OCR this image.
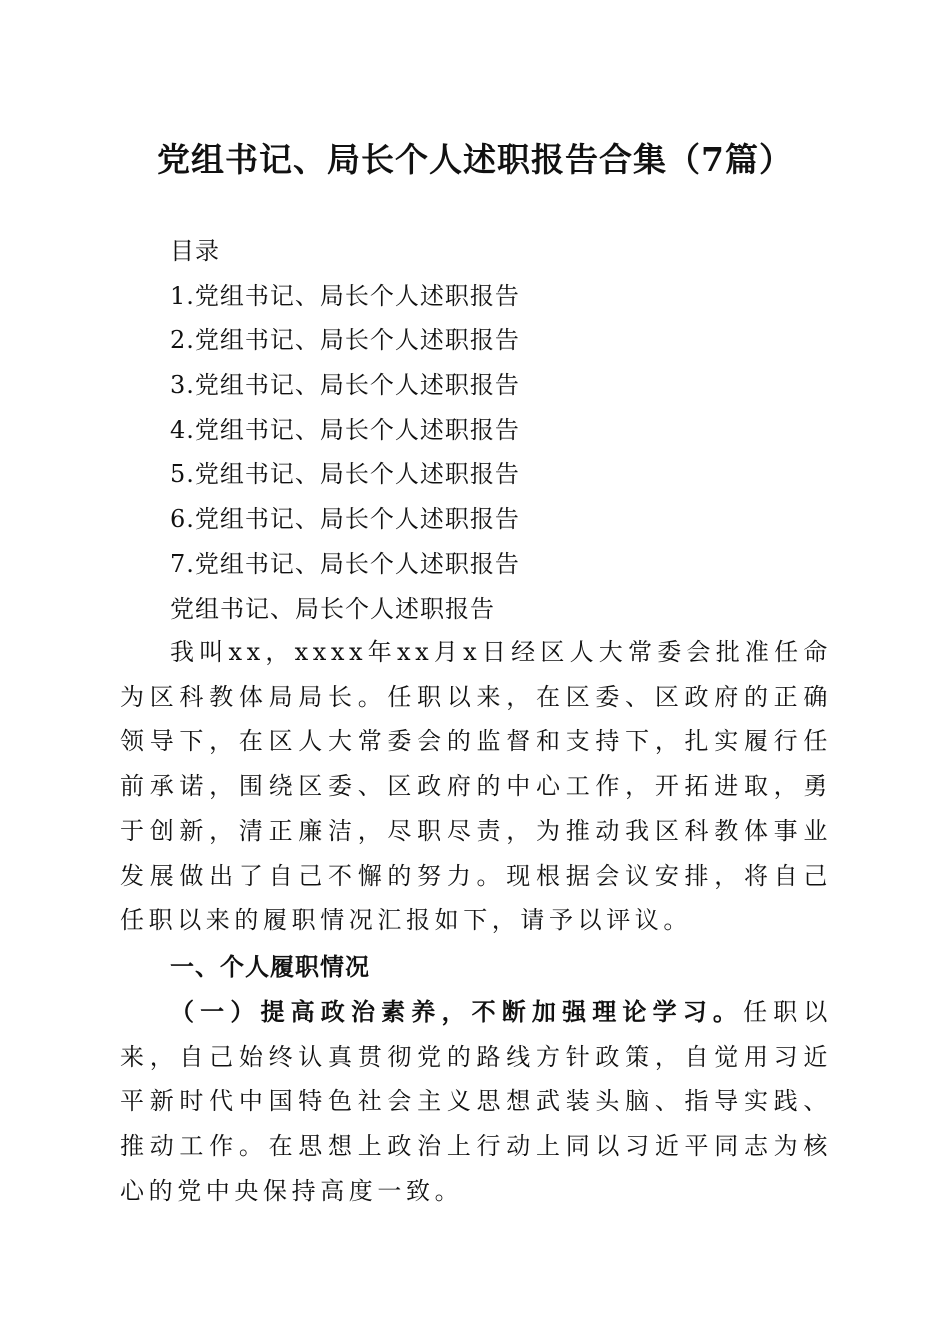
党组书记、局长个人述职报告合集（7篇）
目录
1.党组书记、局长个人述职报告
2.党组书记、局长个人述职报告
3.党组书记、局长个人述职报告
4.党组书记、局长个人述职报告
5.党组书记、局长个人述职报告
6.党组书记、局长个人述职报告
7.党组书记、局长个人述职报告
党组书记、局长个人述职报告

我叫xx，xxxx年xx月x日经区人大常委会批准任命为区科教体局局长。任职以来，在区委、区政府的正确领导下，在区人大常委会的监督和支持下，扎实履行任前承诺，围绕区委、区政府的中心工作，开拓进取，勇于创新，清正廉洁，尽职尽责，为推动我区科教体事业发展做出了自己不懈的努力。现根据会议安排，将自己任职以来的履职情况汇报如下，请予以评议。

一、个人履职情况

（一）提高政治素养，不断加强理论学习。任职以来，自己始终认真贯彻党的路线方针政策，自觉用习近平新时代中国特色社会主义思想武装头脑、指导实践、推动工作。在思想上政治上行动上同以习近平同志为核心的党中央保持高度一致。
